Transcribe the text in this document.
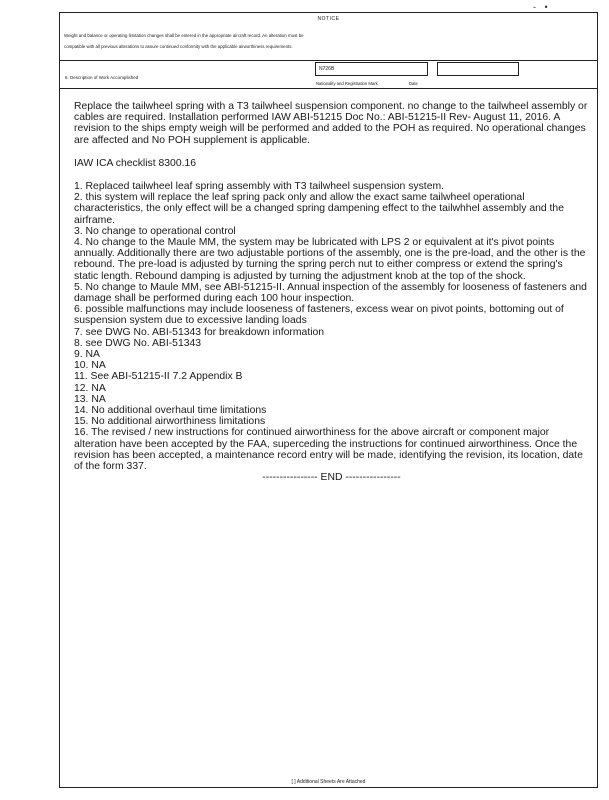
- •
NOTICE
Weight and balance or operating limitation changes shall be entered in the appropriate aircraft record. An alteration must be
compatible with all previous alterations to assure continued conformity with the applicable airworthiness requirements.
8. Description of Work Accomplished
N726B
Nationality and Registration Mark	Date

Replace the tailwheel spring with a T3 tailwheel suspension component. no change to the tailwheel assembly or cables are required. Installation performed IAW ABI-51215 Doc No.: ABI-51215-II Rev- August 11, 2016. A revision to the ships empty weigh will be performed and added to the POH as required. No operational changes are affected and No POH supplement is applicable.

IAW ICA checklist 8300.16

1. Replaced tailwheel leaf spring assembly with T3 tailwheel suspension system.

2. this system will replace the leaf spring pack only and allow the exact same tailwheel operational characteristics, the only effect will be a changed spring dampening effect to the tailwhhel assembly and the airframe.

3. No change to operational control

4. No change to the Maule MM, the system may be lubricated with LPS 2 or equivalent at it's pivot points annually. Additionally there are two adjustable portions of the assembly, one is the pre-load, and the other is the rebound. The pre-load is adjusted by turning the spring perch nut to either compress or extend the spring's static length. Rebound damping is adjusted by turning the adjustment knob at the top of the shock.

5. No change to Maule MM, see ABI-51215-II. Annual inspection of the assembly for looseness of fasteners and damage shall be performed during each 100 hour inspection.

6. possible malfunctions may include looseness of fasteners, excess wear on pivot points, bottoming out of suspension system due to excessive landing loads

7. see DWG No. ABI-51343 for breakdown information

8. see DWG No. ABI-51343

9. NA

10. NA

11. See ABI-51215-II 7.2 Appendix B

12. NA

13. NA

14. No additional overhaul time limitations

15. No additional airworthiness limitations

16. The revised / new instructions for continued airworthiness for the above aircraft or component major alteration have been accepted by the FAA, superceding the instructions for continued airworthiness. Once the revision has been accepted, a maintenance record entry will be made, identifying the revision, its location, date of the form 337.

---------------- END ----------------

[ ] Additional Sheets Are Attached
